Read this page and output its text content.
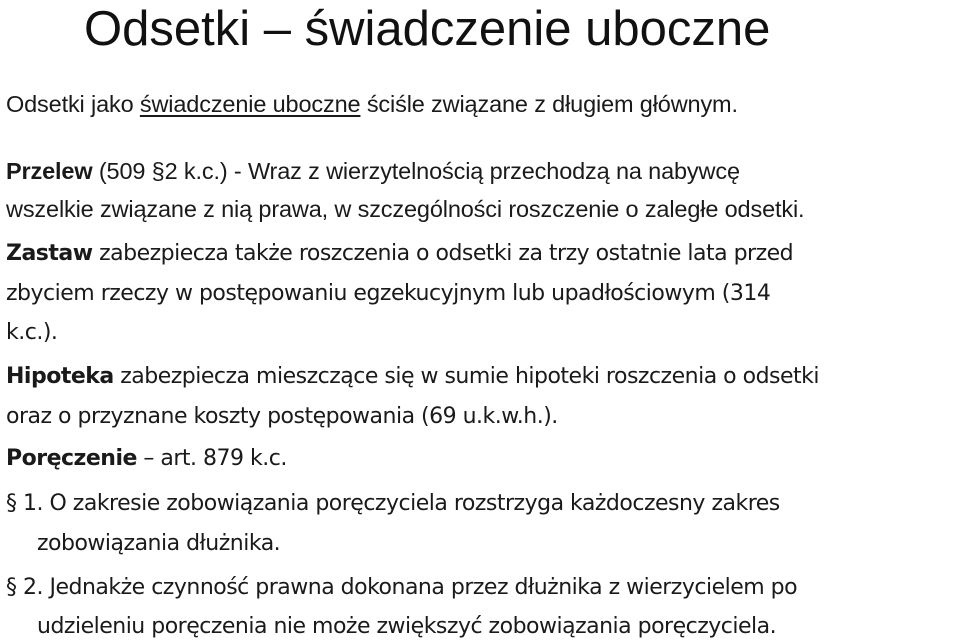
Odsetki – świadczenie uboczne
Odsetki jako świadczenie uboczne ściśle związane z długiem głównym.
Przelew (509 §2 k.c.) - Wraz z wierzytelnością przechodzą na nabywcę
wszelkie związane z nią prawa, w szczególności roszczenie o zaległe odsetki.
Zastaw zabezpiecza także roszczenia o odsetki za trzy ostatnie lata przed
zbyciem rzeczy w postępowaniu egzekucyjnym lub upadłościowym (314
k.c.).
Hipoteka zabezpiecza mieszczące się w sumie hipoteki roszczenia o odsetki
oraz o przyznane koszty postępowania (69 u.k.w.h.).
Poręczenie – art. 879 k.c.
§ 1. O zakresie zobowiązania poręczyciela rozstrzyga każdoczesny zakres
zobowiązania dłużnika.
§ 2. Jednakże czynność prawna dokonana przez dłużnika z wierzycielem po
udzieleniu poręczenia nie może zwiększyć zobowiązania poręczyciela.
